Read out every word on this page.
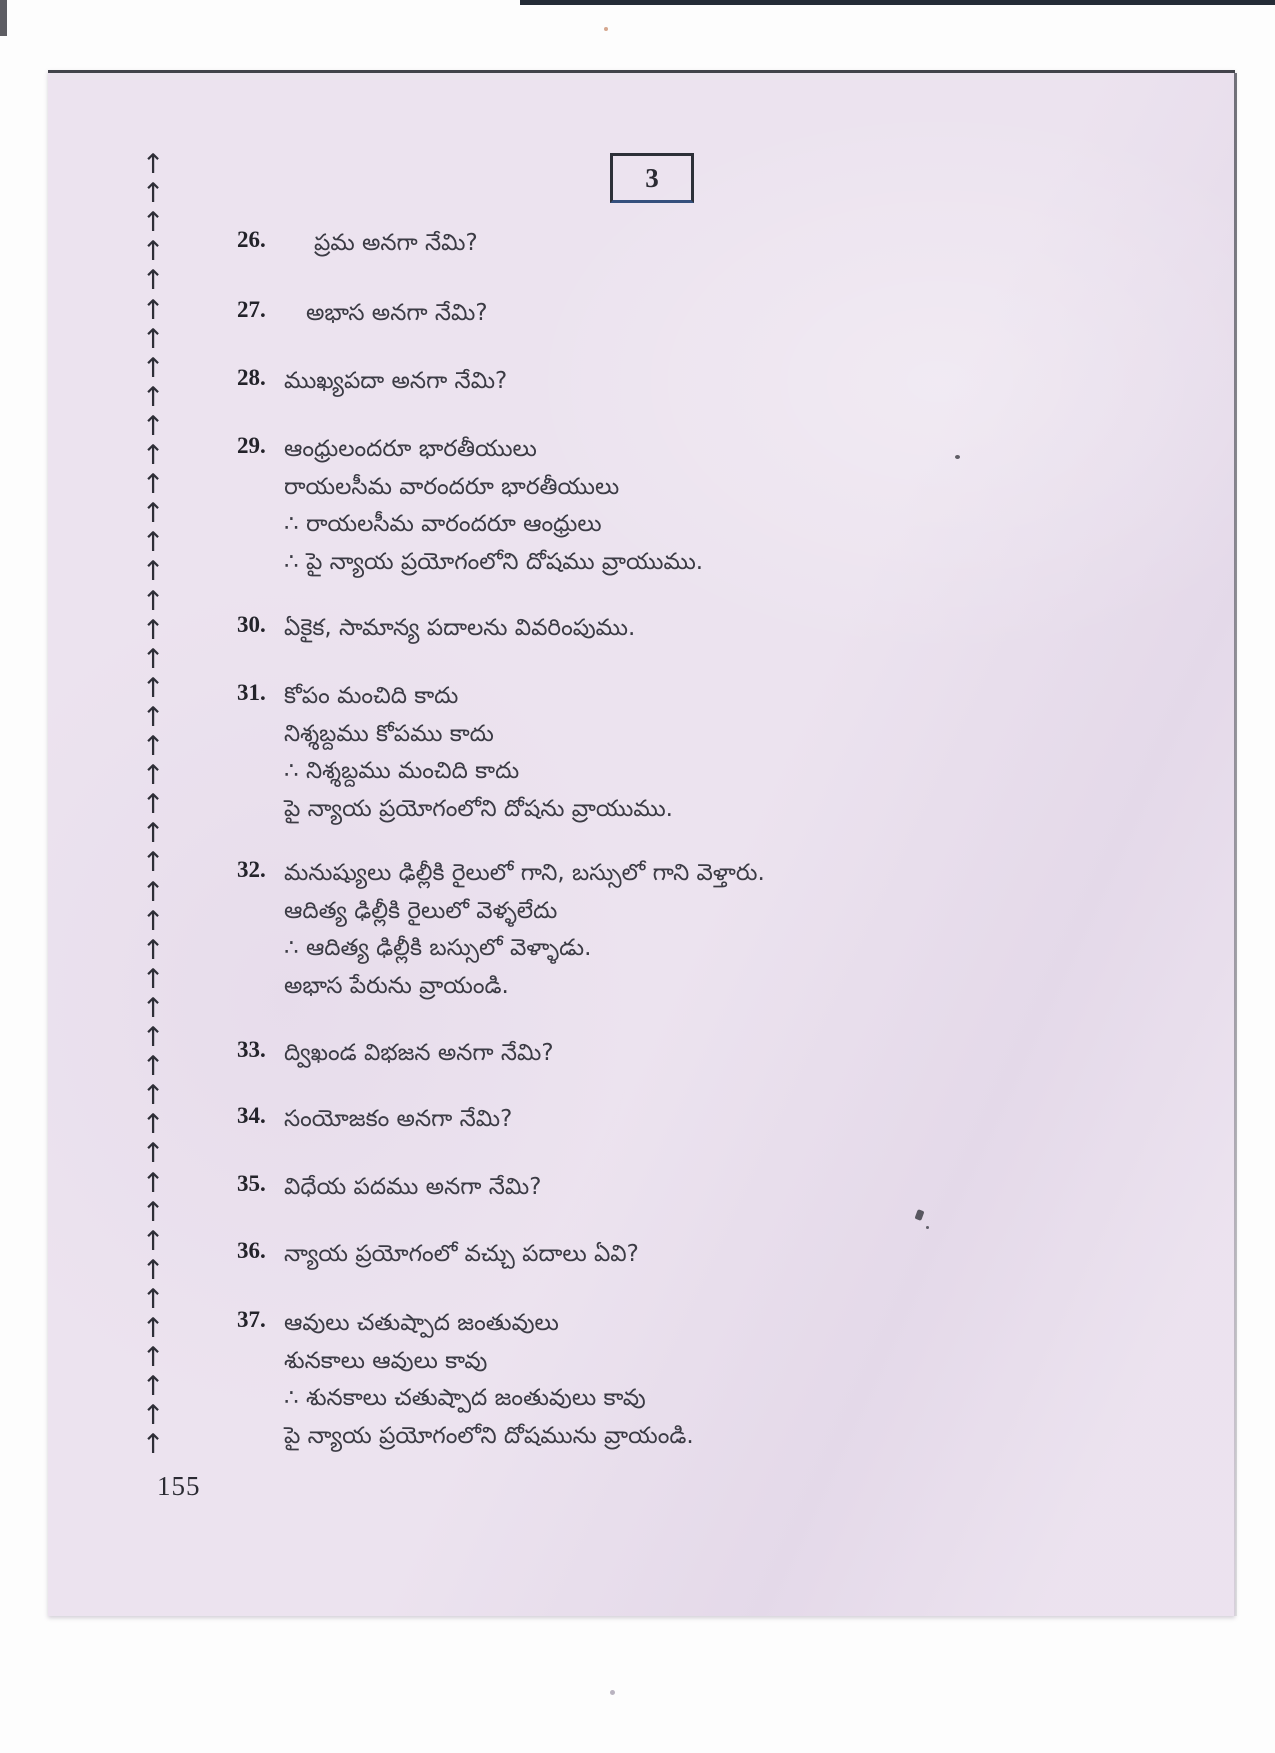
↑
↑
↑
↑
↑
↑
↑
↑
↑
↑
↑
↑
↑
↑
↑
↑
↑
↑
↑
↑
↑
↑
↑
↑
↑
↑
↑
↑
↑
↑
↑
↑
↑
↑
↑
↑
↑
↑
↑
↑
↑
↑
↑
↑
↑
3
26. ప్రమ అనగా నేమి?
27. అభాస అనగా నేమి?
28. ముఖ్యపదా అనగా నేమి?
29. ఆంధ్రులందరూ భారతీయులు
రాయలసీమ వారందరూ భారతీయులు
∴ రాయలసీమ వారందరూ ఆంధ్రులు
∴ పై న్యాయ ప్రయోగంలోని దోషము వ్రాయుము.
30. ఏకైక, సామాన్య పదాలను వివరింపుము.
31. కోపం మంచిది కాదు
నిశ్శబ్దము కోపము కాదు
∴ నిశ్శబ్దము మంచిది కాదు
పై న్యాయ ప్రయోగంలోని దోషను వ్రాయుము.
32. మనుష్యులు ఢిల్లీకి రైలులో గాని, బస్సులో గాని వెళ్తారు.
ఆదిత్య ఢిల్లీకి రైలులో వెళ్ళలేదు
∴ ఆదిత్య ఢిల్లీకి బస్సులో వెళ్ళాడు.
అభాస పేరును వ్రాయండి.
33. ద్విఖండ విభజన అనగా నేమి?
34. సంయోజకం అనగా నేమి?
35. విధేయ పదము అనగా నేమి?
36. న్యాయ ప్రయోగంలో వచ్చు పదాలు ఏవి?
37. ఆవులు చతుష్పాద జంతువులు
శునకాలు ఆవులు కావు
∴ శునకాలు చతుష్పాద జంతువులు కావు
పై న్యాయ ప్రయోగంలోని దోషమును వ్రాయండి.
155
